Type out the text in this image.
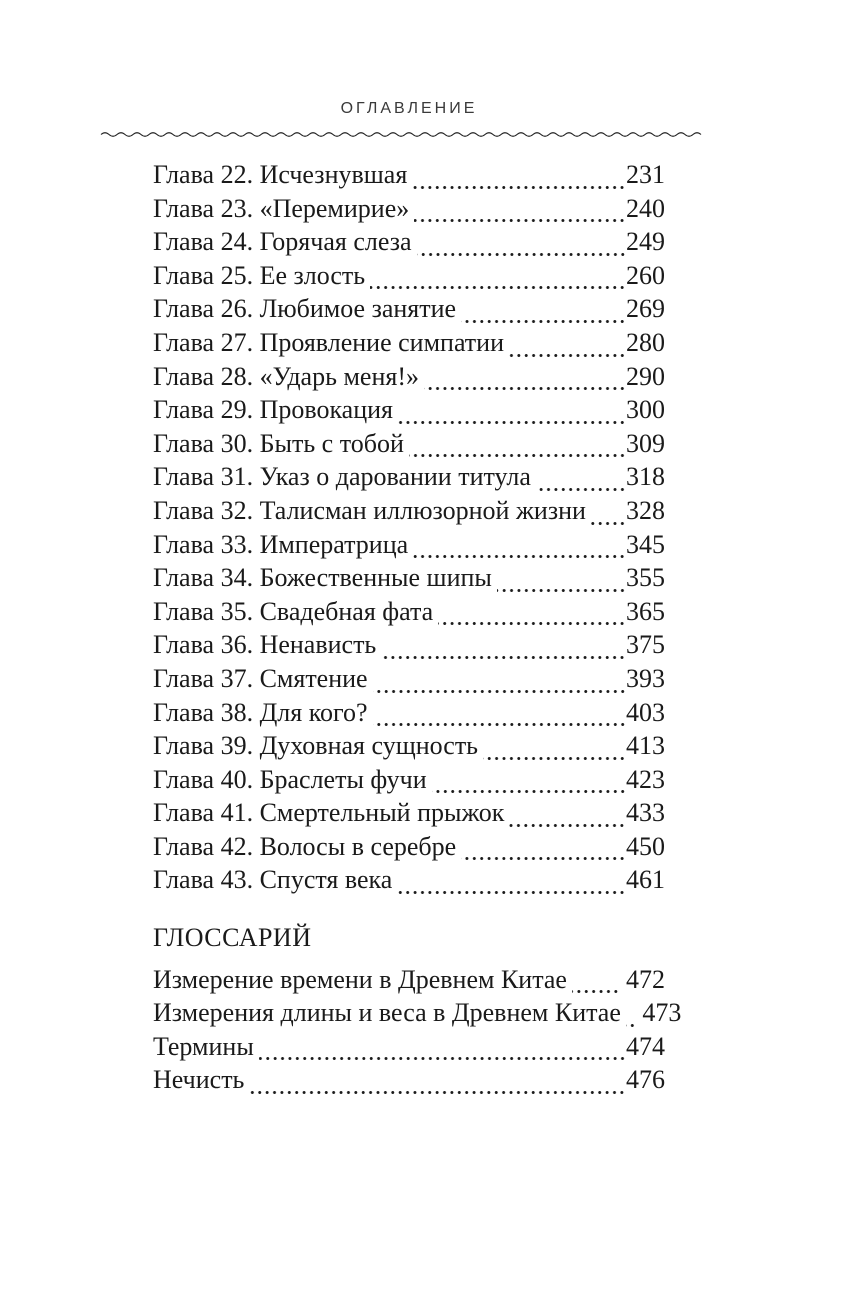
ОГЛАВЛЕНИЕ
Глава 22. Исчезнувшая	231
Глава 23. «Перемирие»	240
Глава 24. Горячая слеза	249
Глава 25. Ее злость	260
Глава 26. Любимое занятие	269
Глава 27. Проявление симпатии	280
Глава 28. «Ударь меня!»	290
Глава 29. Провокация	300
Глава 30. Быть с тобой	309
Глава 31. Указ о даровании титула	318
Глава 32. Талисман иллюзорной жизни 328
Глава 33. Императрица	345
Глава 34. Божественные шипы	355
Глава 35. Свадебная фата	365
Глава 36. Ненависть	375
Глава 37. Смятение	393
Глава 38. Для кого?	403
Глава 39. Духовная сущность	413
Глава 40. Браслеты фучи	423
Глава 41. Смертельный прыжок	433
Глава 42. Волосы в серебре	450
Глава 43. Спустя века	461
ГЛОССАРИЙ
Измерение времени в Древнем Китае 472
Измерения длины и веса в Древнем Китае 473
Термины	474
Нечисть	476
